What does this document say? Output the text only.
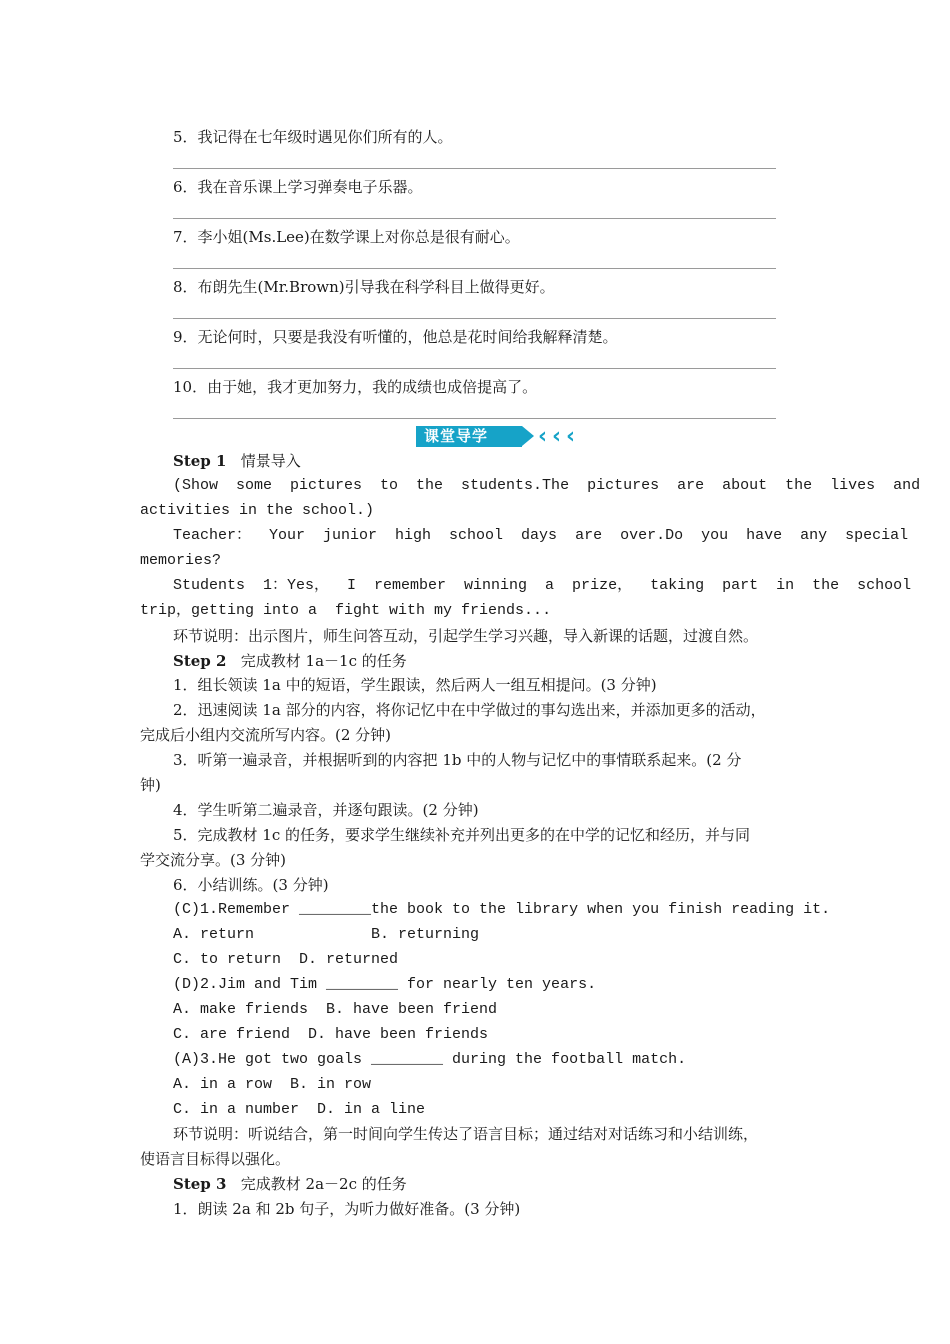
5．我记得在七年级时遇见你们所有的人。
6．我在音乐课上学习弹奏电子乐器。
7．李小姐(Ms.Lee)在数学课上对你总是很有耐心。
8．布朗先生(Mr.Brown)引导我在科学科目上做得更好。
9．无论何时，只要是我没有听懂的，他总是花时间给我解释清楚。
10．由于她，我才更加努力，我的成绩也成倍提高了。
课堂导学 ‹ ‹ ‹
Step 1 情景导入
(Show  some  pictures  to  the  students.The  pictures  are  about  the  lives  and
activities in the school.)
Teacher：  Your  junior  high  school  days  are  over.Do  you  have  any  special
memories?
Students  1：Yes，  I  remember  winning  a  prize，  taking  part  in  the  school
trip，getting into a  fight with my friends...
环节说明：出示图片，师生问答互动，引起学生学习兴趣，导入新课的话题，过渡自然。
Step 2 完成教材 1a－1c 的任务
1．组长领读 1a 中的短语，学生跟读，然后两人一组互相提问。(3 分钟)
2．迅速阅读 1a 部分的内容，将你记忆中在中学做过的事勾选出来，并添加更多的活动，
完成后小组内交流所写内容。(2 分钟)
3．听第一遍录音，并根据听到的内容把 1b 中的人物与记忆中的事情联系起来。(2 分
钟)
4．学生听第二遍录音，并逐句跟读。(2 分钟)
5．完成教材 1c 的任务，要求学生继续补充并列出更多的在中学的记忆和经历，并与同
学交流分享。(3 分钟)
6．小结训练。(3 分钟)
(C)1.Remember ________the book to the library when you finish reading it.
A. return             B. returning
C. to return  D. returned
(D)2.Jim and Tim ________ for nearly ten years.
A. make friends  B. have been friend
C. are friend  D. have been friends
(A)3.He got two goals ________ during the football match.
A. in a row  B. in row
C. in a number  D. in a line
环节说明：听说结合，第一时间向学生传达了语言目标；通过结对对话练习和小结训练，
使语言目标得以强化。
Step 3 完成教材 2a－2c 的任务
1．朗读 2a 和 2b 句子，为听力做好准备。(3 分钟)
